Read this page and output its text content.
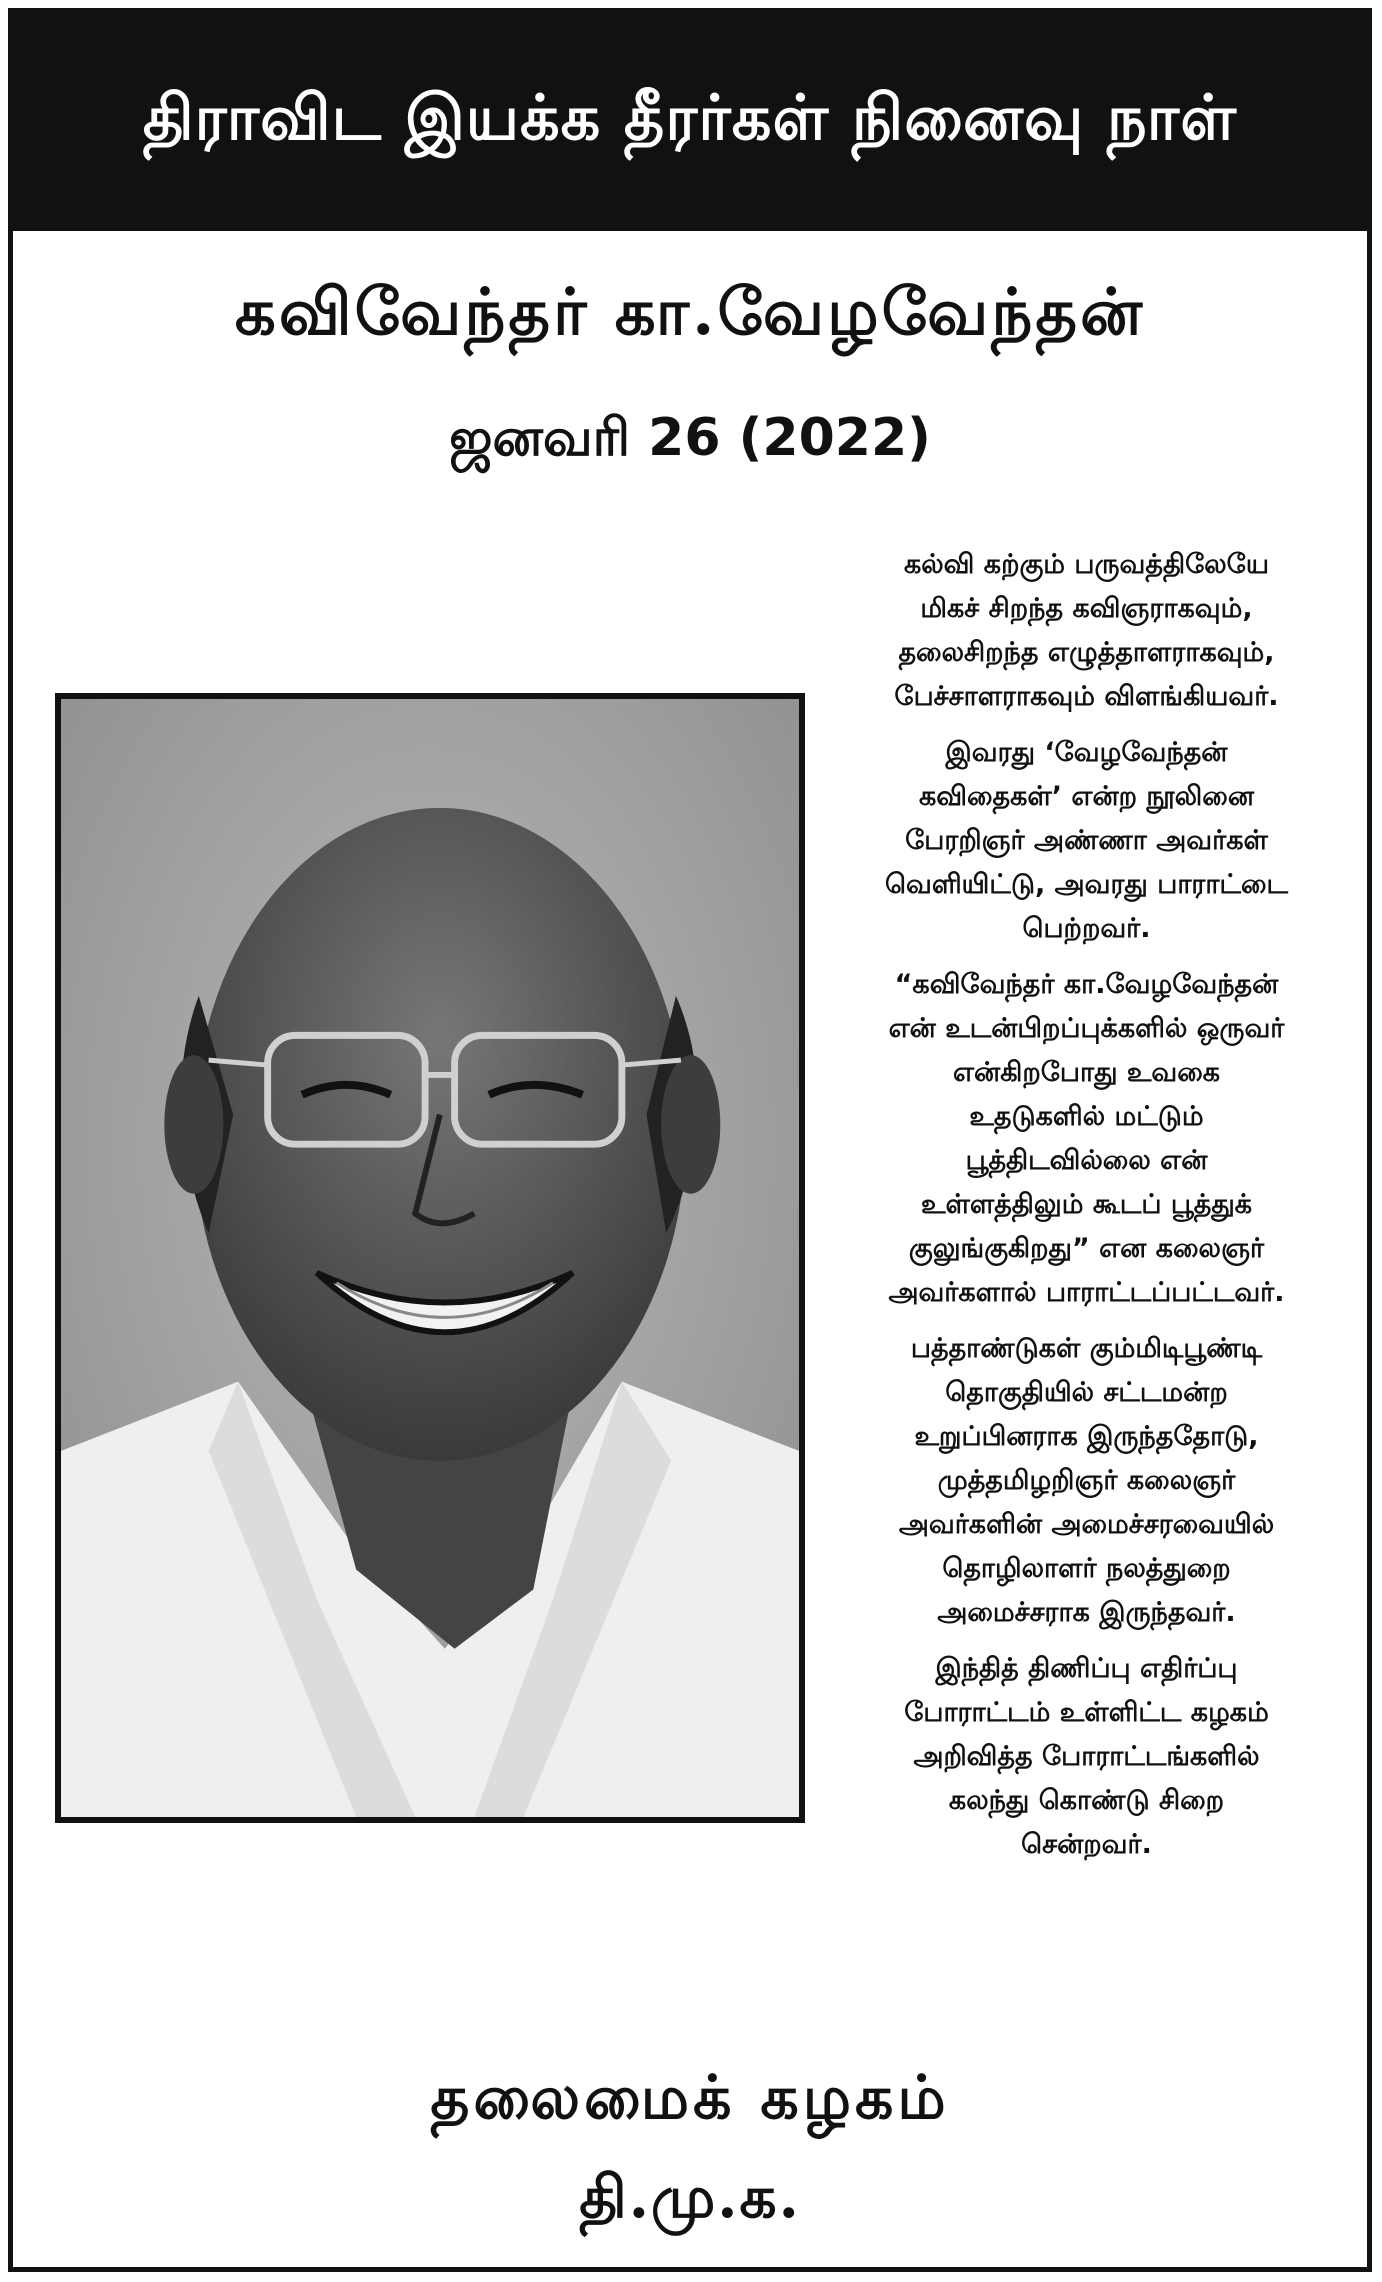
திராவிட இயக்க தீரர்கள் நினைவு நாள்
கவிவேந்தர் கா.வேழவேந்தன்
ஜனவரி 26 (2022)

கல்வி கற்கும் பருவத்திலேயே
மிகச் சிறந்த கவிஞராகவும்,
தலைசிறந்த எழுத்தாளராகவும்,
பேச்சாளராகவும் விளங்கியவர்.

இவரது ‘வேழவேந்தன்
கவிதைகள்’ என்ற நூலினை
பேரறிஞர் அண்ணா அவர்கள்
வெளியிட்டு, அவரது பாராட்டை
பெற்றவர்.

“கவிவேந்தர் கா.வேழவேந்தன்
என் உடன்பிறப்புக்களில் ஒருவர்
என்கிறபோது உவகை
உதடுகளில் மட்டும்
பூத்திடவில்லை என்
உள்ளத்திலும் கூடப் பூத்துக்
குலுங்குகிறது” என கலைஞர்
அவர்களால் பாராட்டப்பட்டவர்.

பத்தாண்டுகள் கும்மிடிபூண்டி
தொகுதியில் சட்டமன்ற
உறுப்பினராக இருந்ததோடு,
முத்தமிழறிஞர் கலைஞர்
அவர்களின் அமைச்சரவையில்
தொழிலாளர் நலத்துறை
அமைச்சராக இருந்தவர்.

இந்தித் திணிப்பு எதிர்ப்பு
போராட்டம் உள்ளிட்ட கழகம்
அறிவித்த போராட்டங்களில்
கலந்து கொண்டு சிறை
சென்றவர்.

தலைமைக் கழகம்
தி.மு.க.
